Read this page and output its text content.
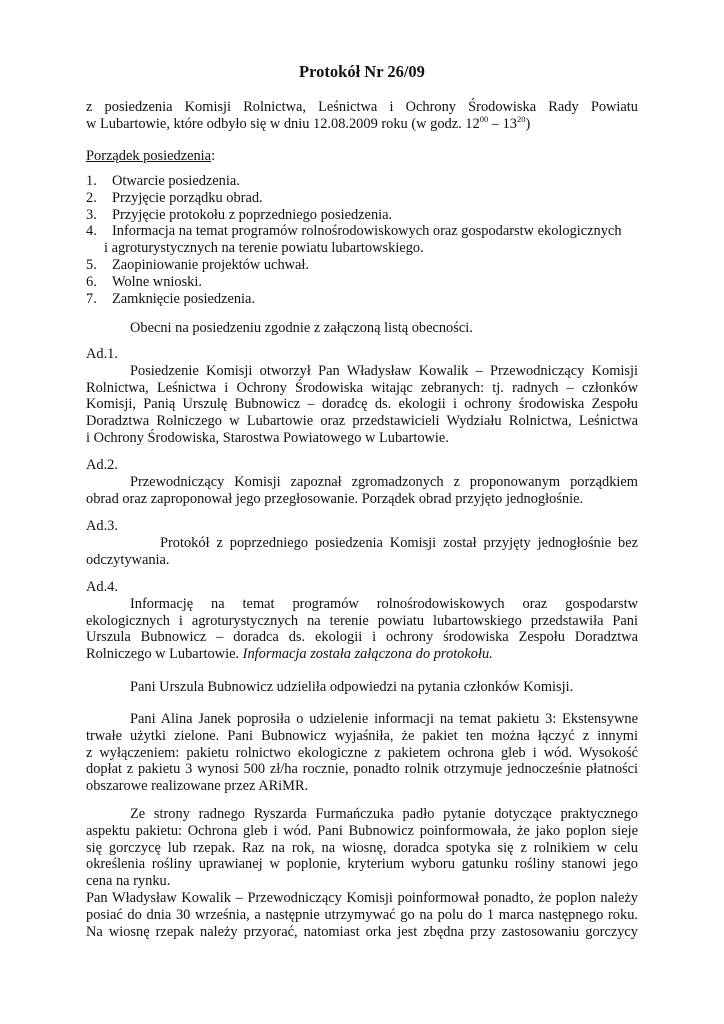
Protokół Nr 26/09
z posiedzenia Komisji Rolnictwa, Leśnictwa i Ochrony Środowiska Rady Powiatu
w Lubartowie, które odbyło się w dniu 12.08.2009 roku (w godz. $12^{00} - 13^{20}$)
Porządek posiedzenia:
1. Otwarcie posiedzenia.
2. Przyjęcie porządku obrad.
3. Przyjęcie protokołu z poprzedniego posiedzenia.
4. Informacja na temat programów rolnośrodowiskowych oraz gospodarstw ekologicznych
i agroturystycznych na terenie powiatu lubartowskiego.
5. Zaopiniowanie projektów uchwał.
6. Wolne wnioski.
7. Zamknięcie posiedzenia.
Obecni na posiedzeniu zgodnie z załączoną listą obecności.
Ad.1.
Posiedzenie Komisji otworzył Pan Władysław Kowalik – Przewodniczący Komisji
Rolnictwa, Leśnictwa i Ochrony Środowiska witając zebranych: tj. radnych – członków
Komisji, Panią Urszulę Bubnowicz – doradcę ds. ekologii i ochrony środowiska Zespołu
Doradztwa Rolniczego w Lubartowie oraz przedstawicieli Wydziału Rolnictwa, Leśnictwa
i Ochrony Środowiska, Starostwa Powiatowego w Lubartowie.
Ad.2.
Przewodniczący Komisji zapoznał zgromadzonych z proponowanym porządkiem
obrad oraz zaproponował jego przegłosowanie. Porządek obrad przyjęto jednogłośnie.
Ad.3.
Protokół z poprzedniego posiedzenia Komisji został przyjęty jednogłośnie bez
odczytywania.
Ad.4.
Informację na temat programów rolnośrodowiskowych oraz gospodarstw
ekologicznych i agroturystycznych na terenie powiatu lubartowskiego przedstawiła Pani
Urszula Bubnowicz – doradca ds. ekologii i ochrony środowiska Zespołu Doradztwa
Rolniczego w Lubartowie. Informacja została załączona do protokołu.
Pani Urszula Bubnowicz udzieliła odpowiedzi na pytania członków Komisji.
Pani Alina Janek poprosiła o udzielenie informacji na temat pakietu 3: Ekstensywne
trwałe użytki zielone. Pani Bubnowicz wyjaśniła, że pakiet ten można łączyć z innymi
z wyłączeniem: pakietu rolnictwo ekologiczne z pakietem ochrona gleb i wód. Wysokość
dopłat z pakietu 3 wynosi 500 zł/ha rocznie, ponadto rolnik otrzymuje jednocześnie płatności
obszarowe realizowane przez ARiMR.
Ze strony radnego Ryszarda Furmańczuka padło pytanie dotyczące praktycznego
aspektu pakietu: Ochrona gleb i wód. Pani Bubnowicz poinformowała, że jako poplon sieje
się gorczycę lub rzepak. Raz na rok, na wiosnę, doradca spotyka się z rolnikiem w celu
określenia rośliny uprawianej w poplonie, kryterium wyboru gatunku rośliny stanowi jego
cena na rynku.
Pan Władysław Kowalik – Przewodniczący Komisji poinformował ponadto, że poplon należy
posiać do dnia 30 września, a następnie utrzymywać go na polu do 1 marca następnego roku.
Na wiosnę rzepak należy przyorać, natomiast orka jest zbędna przy zastosowaniu gorczycy
